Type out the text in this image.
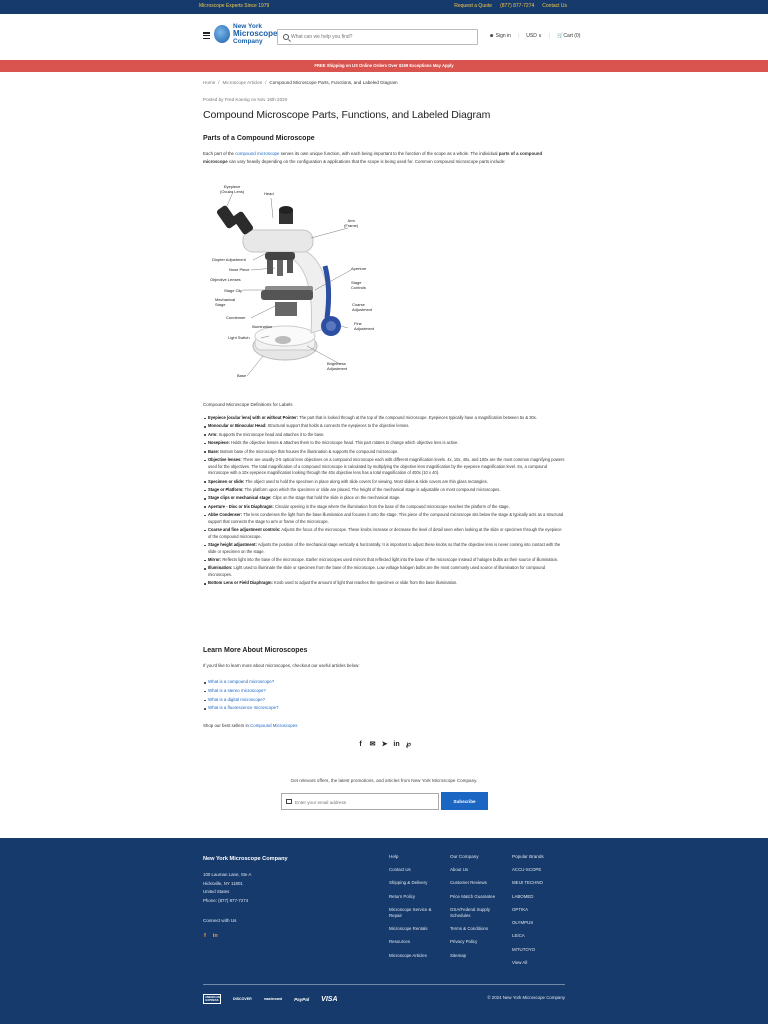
Microscope Experts Since 1979	Request a Quote (877) 877-7274 Contact Us
New York
Microscope
Company
What can we help you find?
☻ Sign in | USD ∨ | 🛒Cart (0)
FREE Shipping on US Online Orders Over $199 Exceptions May Apply
Home / Microscope Articles / Compound Microscope Parts, Functions, and Labeled Diagram
Posted by Fred Koenig on Nov 18th 2020
Compound Microscope Parts, Functions, and Labeled Diagram
Parts of a Compound Microscope

Each part of the compound microscope serves its own unique function, with each being important to the function of the scope as a whole. The individual parts of a compound microscope can vary heavily depending on the configuration & applications that the scope is being used for. Common compound microscope parts include:

Eyepiece
(Ocular Lens)	Head
Arm
(Frame)
Diopter Adjustment
Nose Piece
Objective Lenses
Aperture
Stage Clip
Stage
Controls
Mechanical
Stage	Coarse
Adjustment
Condenser
Fine
Adjustment
Illumination
Light Switch
Brightness
Adjustment
Base
Compound Microscope Definitions for Labels
Eyepiece (ocular lens) with or without Pointer: The part that is looked through at the top of the compound microscope. Eyepieces typically have a magnification between 5x & 30x.
Monocular or Binocular Head: Structural support that holds & connects the eyepieces to the objective lenses.
Arm: Supports the microscope head and attaches it to the base.
Nosepiece: Holds the objective lenses & attaches them to the microscope head. This part rotates to change which objective lens is active.
Base: Bottom base of the microscope that houses the illumination & supports the compound microscope.
Objective lenses: There are usually 3-5 optical lens objectives on a compound microscope each with different magnification levels. 4x, 10x, 40x, and 100x are the most common magnifying powers used for the objectives. The total magnification of a compound microscope is calculated by multiplying the objective lens magnification by the eyepiece magnification level. So, a compound microscope with a 10x eyepiece magnification looking through the 40x objective lens has a total magnification of 400x (10 x 40).
Specimen or slide: The object used to hold the specimen in place along with slide covers for viewing. Most slides & slide covers are thin glass rectangles.
Stage or Platform: The platform upon which the specimen or slide are placed. The height of the mechanical stage is adjustable on most compound microscopes.
Stage clips or mechanical stage: Clips on the stage that hold the slide in place on the mechanical stage.
Aperture - Disc or Iris Diaphragm: Circular opening in the stage where the illumination from the base of the compound microscope reaches the platform of the stage.
Abbe Condenser: The lens condenses the light from the base illumination and focuses it onto the stage. This piece of the compound microscope sits below the stage & typically acts as a structural support that connects the stage to arm or frame of the microscope.
Coarse and fine adjustment controls: Adjusts the focus of the microscope. These knobs increase or decrease the level of detail seen when looking at the slide or specimen through the eyepiece of the compound microscope.
Stage height adjustment: Adjusts the position of the mechanical stage vertically & horizontally. It is important to adjust these knobs so that the objective lens is never coming into contact with the slide or specimen on the stage.
Mirror: Reflects light into the base of the microscope. Earlier microscopes used mirrors that reflected light into the base of the microscope instead of halogen bulbs as their source of illumination.
Illumination: Light used to illuminate the slide or specimen from the base of the microscope. Low voltage halogen bulbs are the most commonly used source of illumination for compound microscopes.
Bottom Lens or Field Diaphragm: Knob used to adjust the amount of light that reaches the specimen or slide from the base illumination.
Learn More About Microscopes

If you'd like to learn more about microscopes, checkout our useful articles below:

What is a compound microscope?
What is a stereo microscope?
What is a digital microscope?
What is a fluorescence microscope?

Shop our best sellers in Compound Microscopes

f	✉ ➤ in ℘
Get relevant offers, the latest promotions, and articles from New York Microscope Company.
Enter your email address
Subscribe
New York Microscope Company
100 Lauman Lane, Ste A
Hicksville, NY 11801
United States
Phone: (877) 877-7274
Connect with Us
f in
Help
Contact Us
Shipping & Delivery
Return Policy
Microscope Service & Repair
Microscope Rentals
Resources
Microscope Articles
Our Company
About Us
Customer Reviews
Price Match Guarantee
GSA/Federal Supply Schedules
Terms & Conditions
Privacy Policy
Sitemap
Popular Brands
ACCU-SCOPE
MEIJI TECHNO
LABOMED
OPTIKA
OLYMPUS
LEICA
MITUTOYO
View All
AMERICAN EXPRESS	DISCOVER	mastercard	PayPal VISA	© 2024 New York Microscope Company
